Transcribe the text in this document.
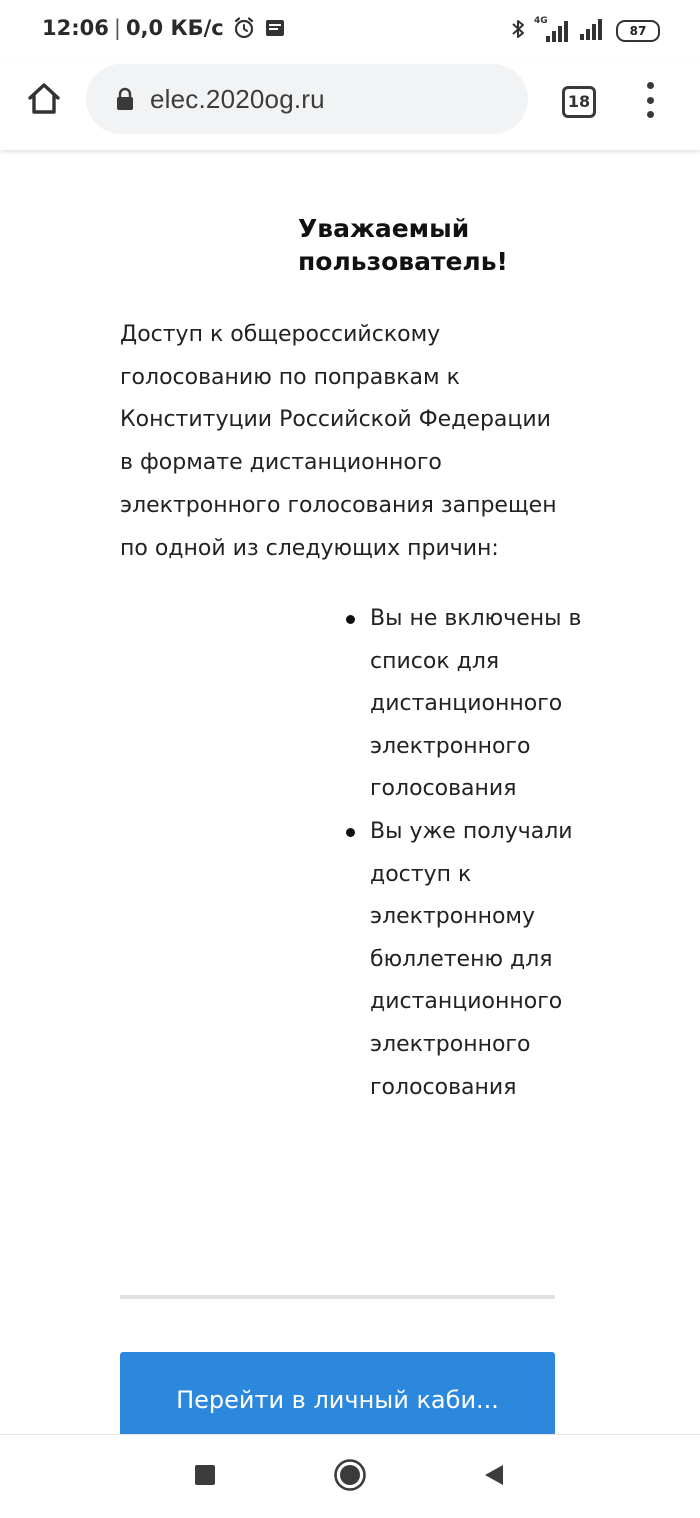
12:06 | 0,0 КБ/с	4G
87
elec.2020og.ru	18
Уважаемый пользователь!
Доступ к общероссийскому голосованию по поправкам к Конституции Российской Федерации в формате дистанционного электронного голосования запрещен по одной из следующих причин:
Вы не включены в список для дистанционного электронного голосования
Вы уже получали доступ к электронному бюллетеню для дистанционного электронного голосования
Перейти в личный каби...
